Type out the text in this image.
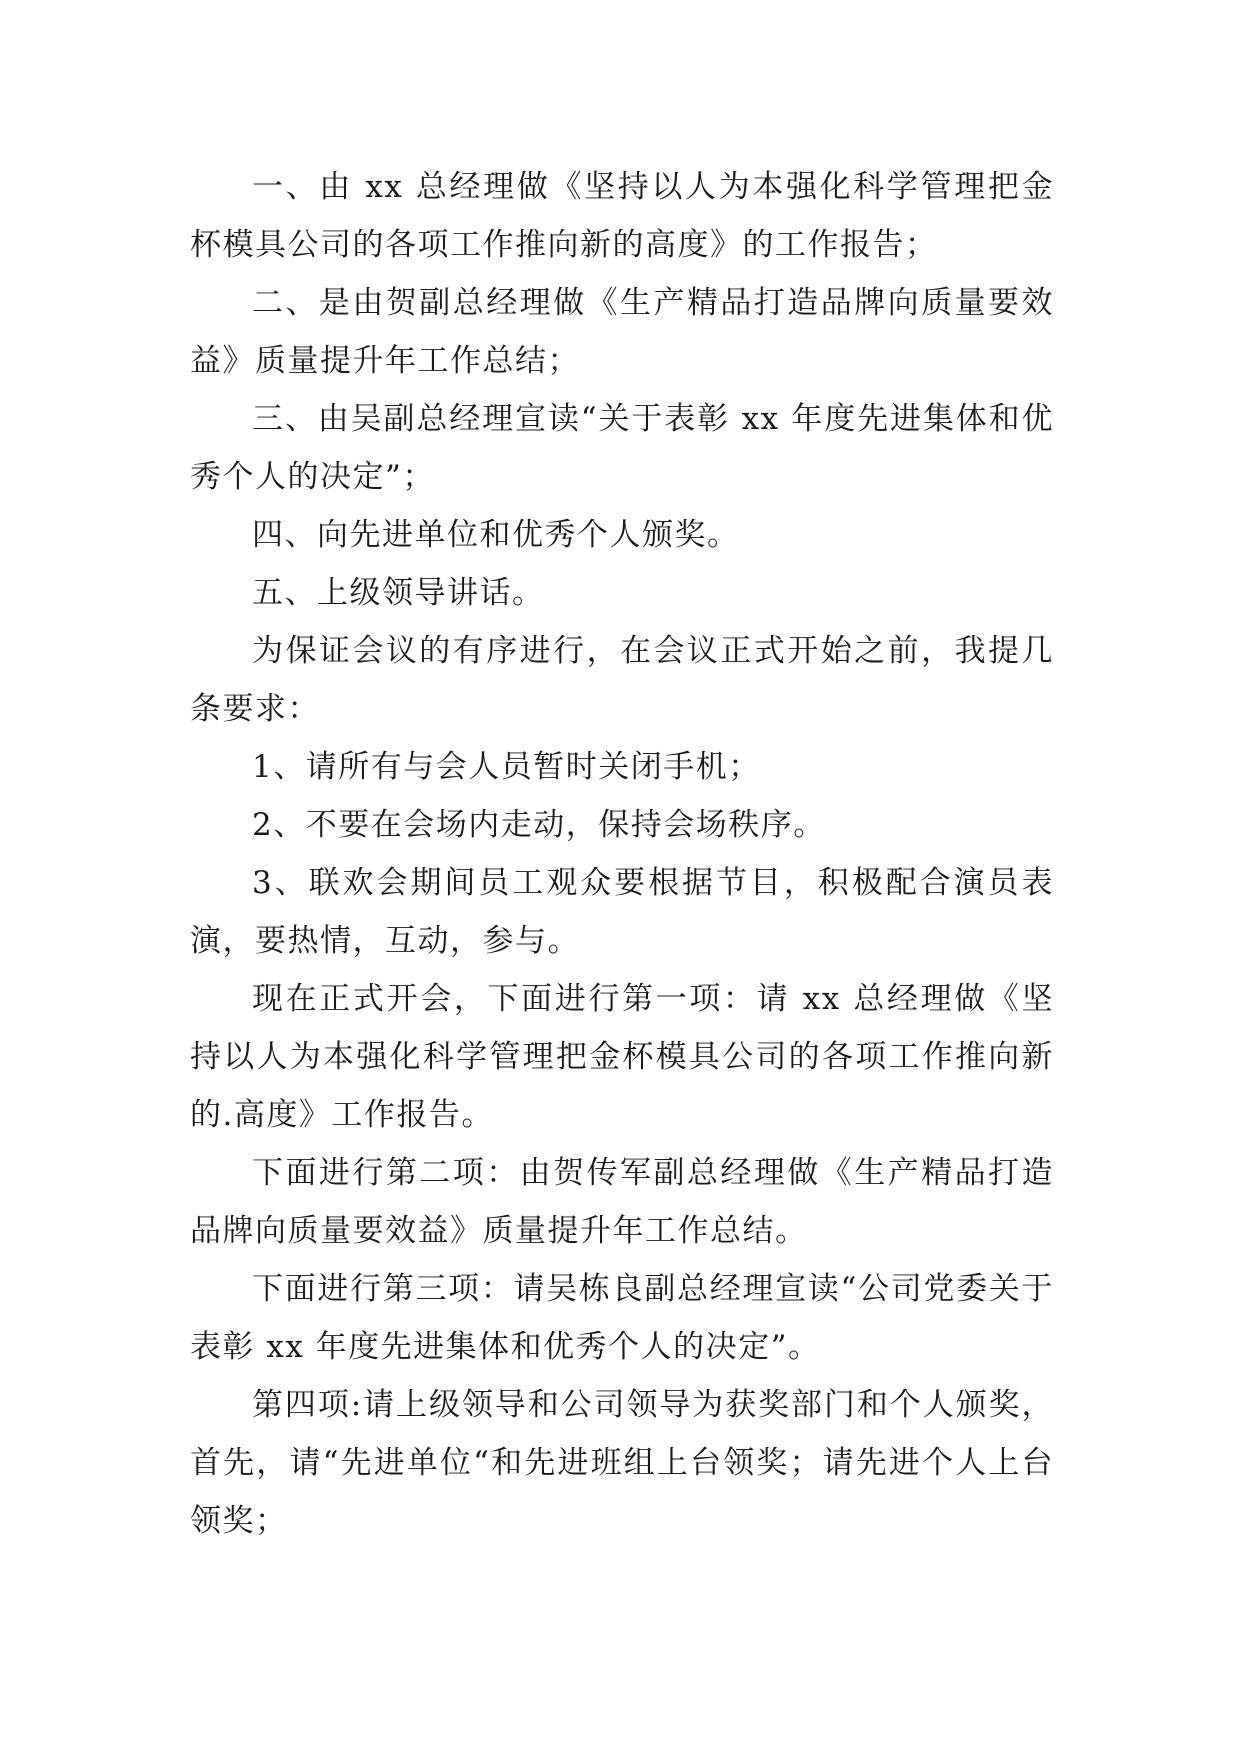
一、由 xx 总经理做《坚持以人为本强化科学管理把金杯模具公司的各项工作推向新的高度》的工作报告；

二、是由贺副总经理做《生产精品打造品牌向质量要效益》质量提升年工作总结；

三、由吴副总经理宣读“关于表彰 xx 年度先进集体和优秀个人的决定”；

四、向先进单位和优秀个人颁奖。

五、上级领导讲话。

为保证会议的有序进行，在会议正式开始之前，我提几条要求：

1、请所有与会人员暂时关闭手机；

2、不要在会场内走动，保持会场秩序。

3、联欢会期间员工观众要根据节目，积极配合演员表演，要热情，互动，参与。

现在正式开会，下面进行第一项：请 xx 总经理做《坚持以人为本强化科学管理把金杯模具公司的各项工作推向新的.高度》工作报告。

下面进行第二项：由贺传军副总经理做《生产精品打造品牌向质量要效益》质量提升年工作总结。

下面进行第三项：请吴栋良副总经理宣读“公司党委关于表彰 xx 年度先进集体和优秀个人的决定”。

第四项:请上级领导和公司领导为获奖部门和个人颁奖，首先，请“先进单位“和先进班组上台领奖；请先进个人上台领奖；
